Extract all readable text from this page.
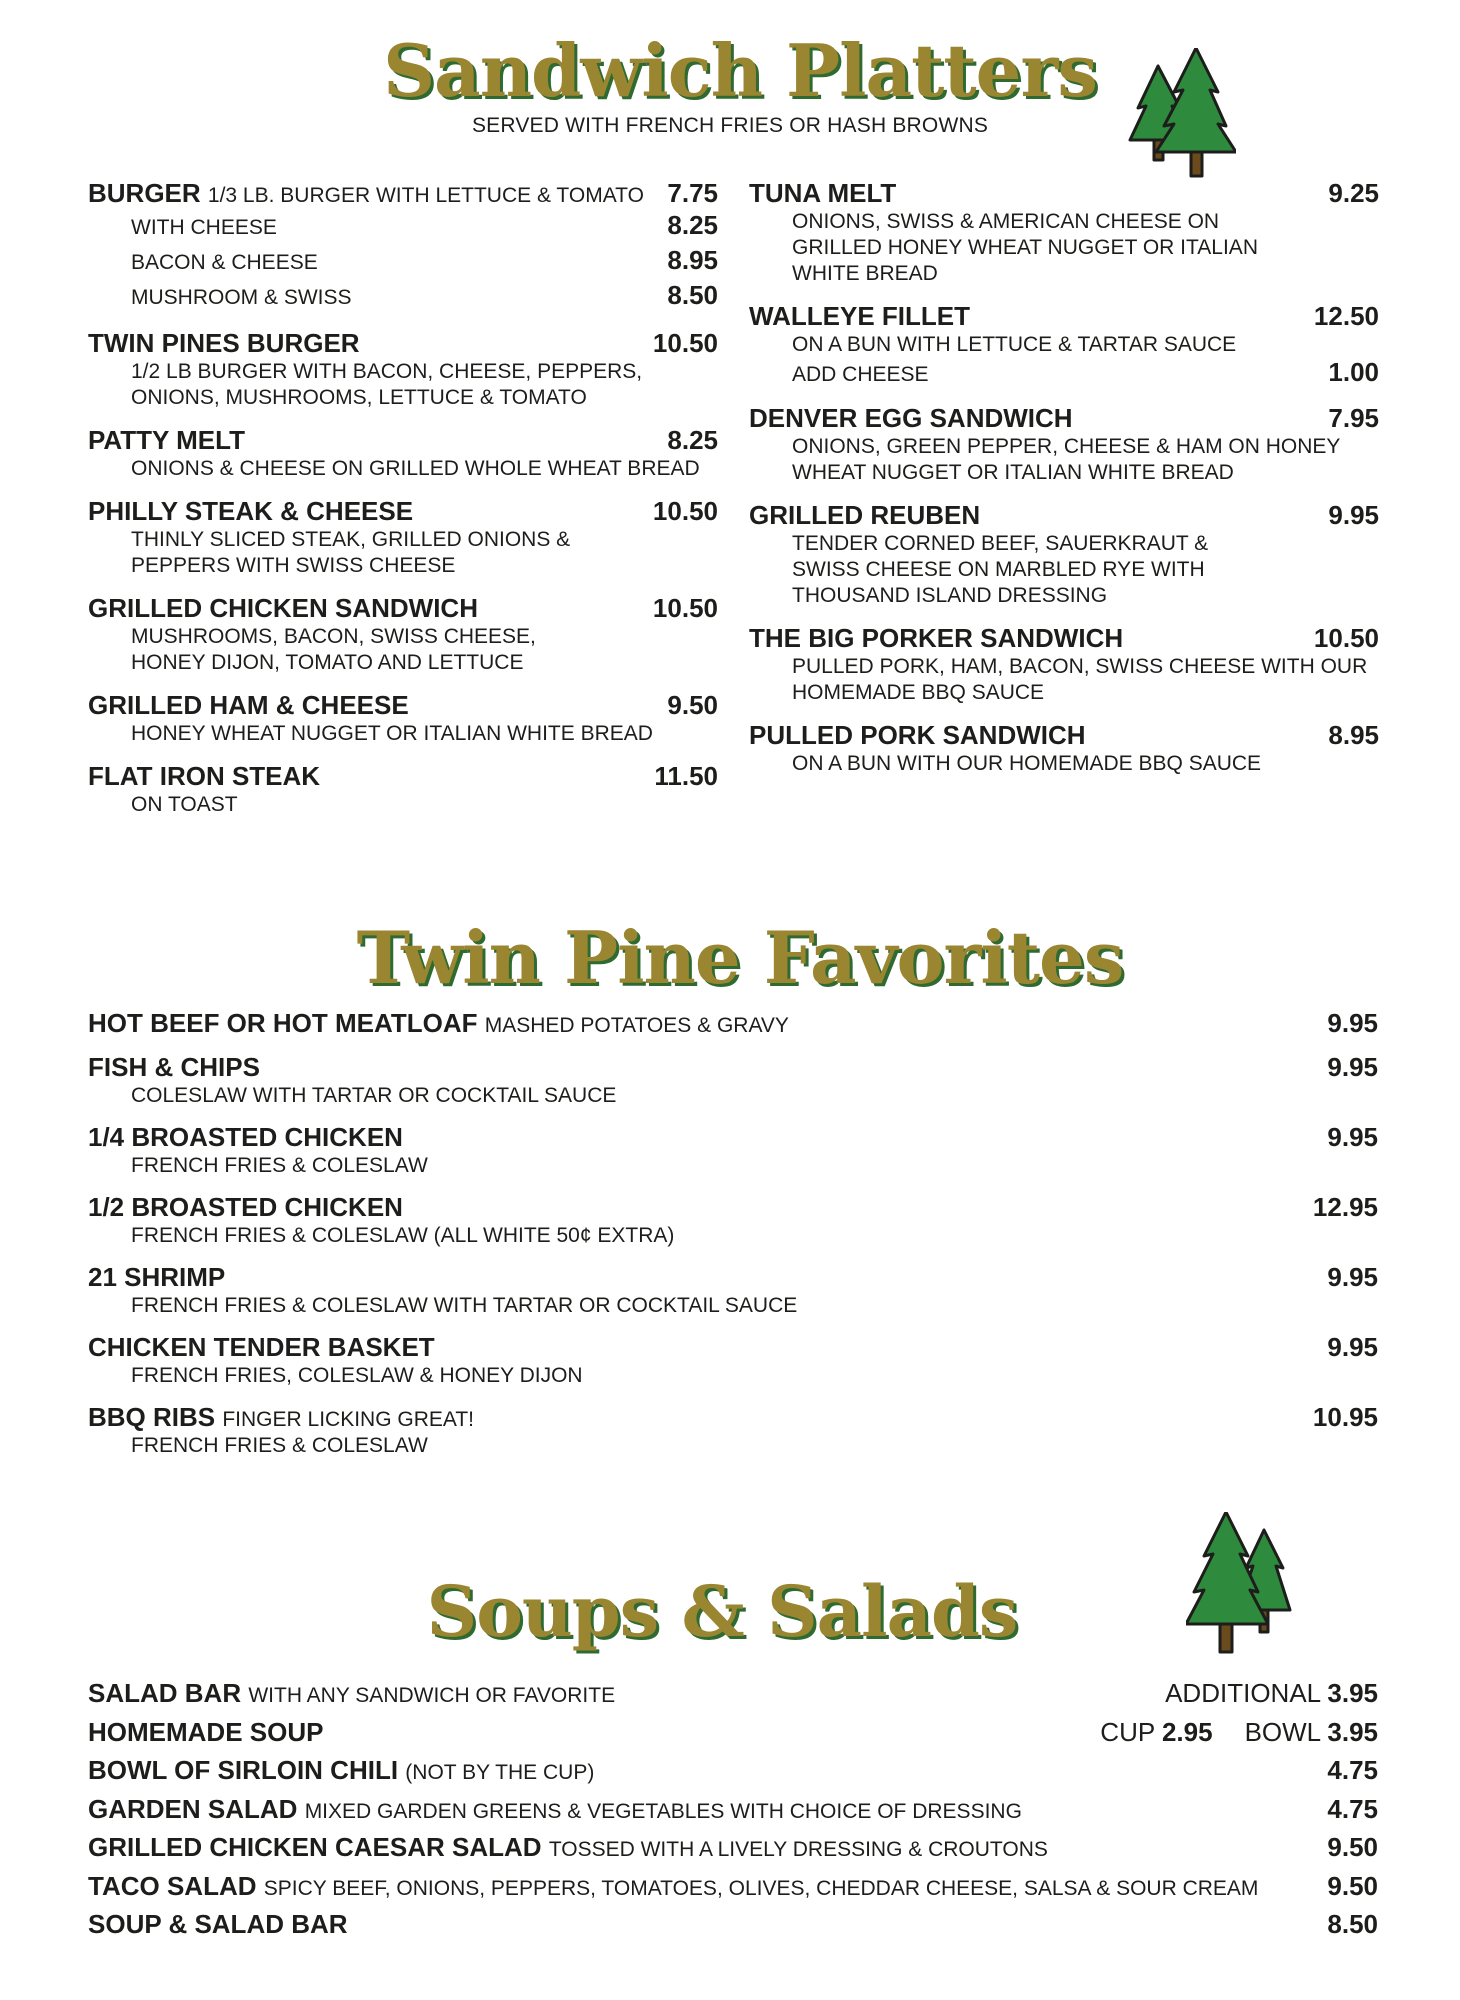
Sandwich Platters
SERVED WITH FRENCH FRIES OR HASH BROWNS
BURGER 1/3 LB. BURGER WITH LETTUCE & TOMATO 7.75
WITH CHEESE	8.25
BACON & CHEESE	8.95
MUSHROOM & SWISS	8.50
TWIN PINES BURGER	10.50
1/2 LB BURGER WITH BACON, CHEESE, PEPPERS,
ONIONS, MUSHROOMS, LETTUCE & TOMATO
PATTY MELT	8.25
ONIONS & CHEESE ON GRILLED WHOLE WHEAT BREAD
PHILLY STEAK & CHEESE	10.50
THINLY SLICED STEAK, GRILLED ONIONS &
PEPPERS WITH SWISS CHEESE
GRILLED CHICKEN SANDWICH	10.50
MUSHROOMS, BACON, SWISS CHEESE,
HONEY DIJON, TOMATO AND LETTUCE
GRILLED HAM & CHEESE	9.50
HONEY WHEAT NUGGET OR ITALIAN WHITE BREAD
FLAT IRON STEAK	11.50
ON TOAST
TUNA MELT	9.25
ONIONS, SWISS & AMERICAN CHEESE ON
GRILLED HONEY WHEAT NUGGET OR ITALIAN
WHITE BREAD
WALLEYE FILLET	12.50
ON A BUN WITH LETTUCE & TARTAR SAUCE
ADD CHEESE	1.00
DENVER EGG SANDWICH	7.95
ONIONS, GREEN PEPPER, CHEESE & HAM ON HONEY
WHEAT NUGGET OR ITALIAN WHITE BREAD
GRILLED REUBEN	9.95
TENDER CORNED BEEF, SAUERKRAUT &
SWISS CHEESE ON MARBLED RYE WITH
THOUSAND ISLAND DRESSING
THE BIG PORKER SANDWICH	10.50
PULLED PORK, HAM, BACON, SWISS CHEESE WITH OUR
HOMEMADE BBQ SAUCE
PULLED PORK SANDWICH	8.95
ON A BUN WITH OUR HOMEMADE BBQ SAUCE
Twin Pine Favorites
HOT BEEF OR HOT MEATLOAF MASHED POTATOES & GRAVY	9.95
FISH & CHIPS	9.95
COLESLAW WITH TARTAR OR COCKTAIL SAUCE
1/4 BROASTED CHICKEN	9.95
FRENCH FRIES & COLESLAW
1/2 BROASTED CHICKEN	12.95
FRENCH FRIES & COLESLAW (ALL WHITE 50¢ EXTRA)
21 SHRIMP	9.95
FRENCH FRIES & COLESLAW WITH TARTAR OR COCKTAIL SAUCE
CHICKEN TENDER BASKET	9.95
FRENCH FRIES, COLESLAW & HONEY DIJON
BBQ RIBS FINGER LICKING GREAT!	10.95
FRENCH FRIES & COLESLAW
Soups & Salads
SALAD BAR WITH ANY SANDWICH OR FAVORITE	ADDITIONAL 3.95
HOMEMADE SOUP	CUP 2.95 BOWL 3.95
BOWL OF SIRLOIN CHILI (NOT BY THE CUP)	4.75
GARDEN SALAD MIXED GARDEN GREENS & VEGETABLES WITH CHOICE OF DRESSING	4.75
GRILLED CHICKEN CAESAR SALAD TOSSED WITH A LIVELY DRESSING & CROUTONS	9.50
TACO SALAD SPICY BEEF, ONIONS, PEPPERS, TOMATOES, OLIVES, CHEDDAR CHEESE, SALSA & SOUR CREAM	9.50
SOUP & SALAD BAR	8.50
